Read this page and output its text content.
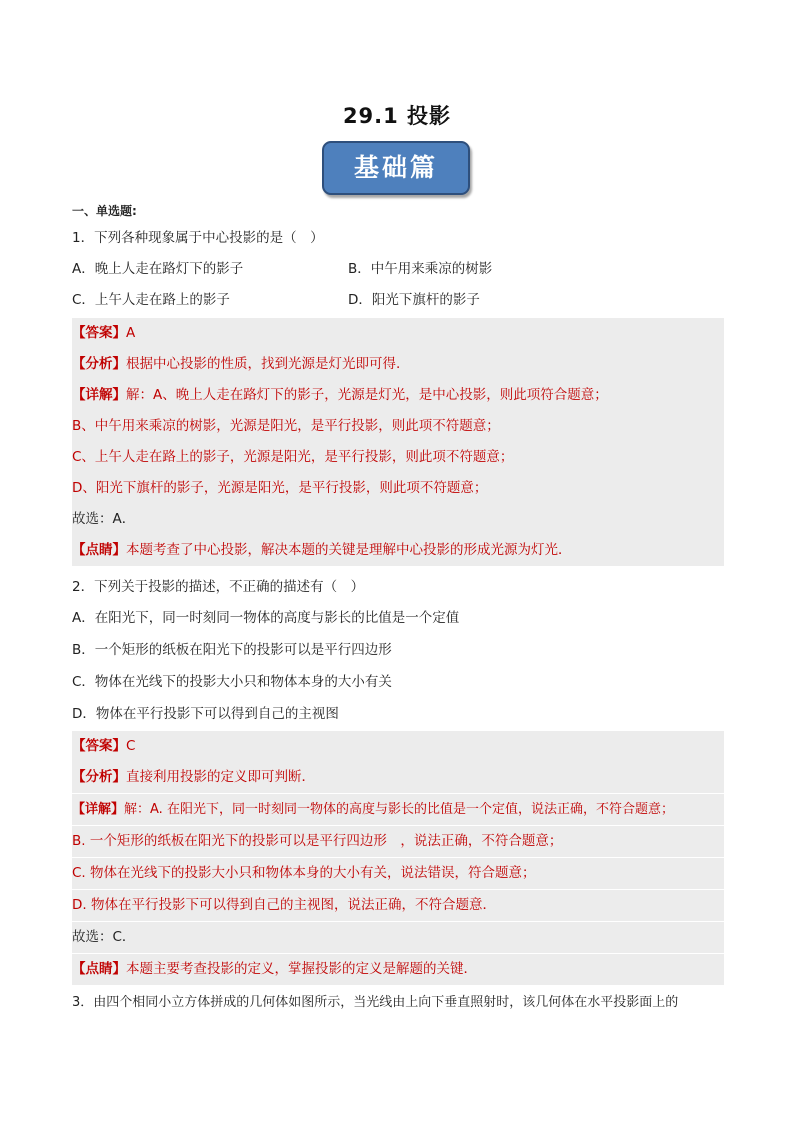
29.1 投影
基础篇
一、单选题:
1．下列各种现象属于中心投影的是（　）
A．晚上人走在路灯下的影子	B．中午用来乘凉的树影
C．上午人走在路上的影子	D．阳光下旗杆的影子
【答案】A
【分析】根据中心投影的性质，找到光源是灯光即可得.
【详解】解：A、晚上人走在路灯下的影子，光源是灯光，是中心投影，则此项符合题意；
B、中午用来乘凉的树影，光源是阳光，是平行投影，则此项不符题意；
C、上午人走在路上的影子，光源是阳光，是平行投影，则此项不符题意；
D、阳光下旗杆的影子，光源是阳光，是平行投影，则此项不符题意；
故选：A．
【点睛】本题考查了中心投影，解决本题的关键是理解中心投影的形成光源为灯光．
2．下列关于投影的描述，不正确的描述有（　）
A．在阳光下，同一时刻同一物体的高度与影长的比值是一个定值
B．一个矩形的纸板在阳光下的投影可以是平行四边形
C．物体在光线下的投影大小只和物体本身的大小有关
D．物体在平行投影下可以得到自己的主视图
【答案】C
【分析】直接利用投影的定义即可判断．
【详解】解：A. 在阳光下，同一时刻同一物体的高度与影长的比值是一个定值，说法正确，不符合题意；
B. 一个矩形的纸板在阳光下的投影可以是平行四边形　，说法正确，不符合题意；
C. 物体在光线下的投影大小只和物体本身的大小有关，说法错误，符合题意；
D. 物体在平行投影下可以得到自己的主视图，说法正确，不符合题意．
故选：C．
【点睛】本题主要考查投影的定义，掌握投影的定义是解题的关键．
3．由四个相同小立方体拼成的几何体如图所示，当光线由上向下垂直照射时，该几何体在水平投影面上的
